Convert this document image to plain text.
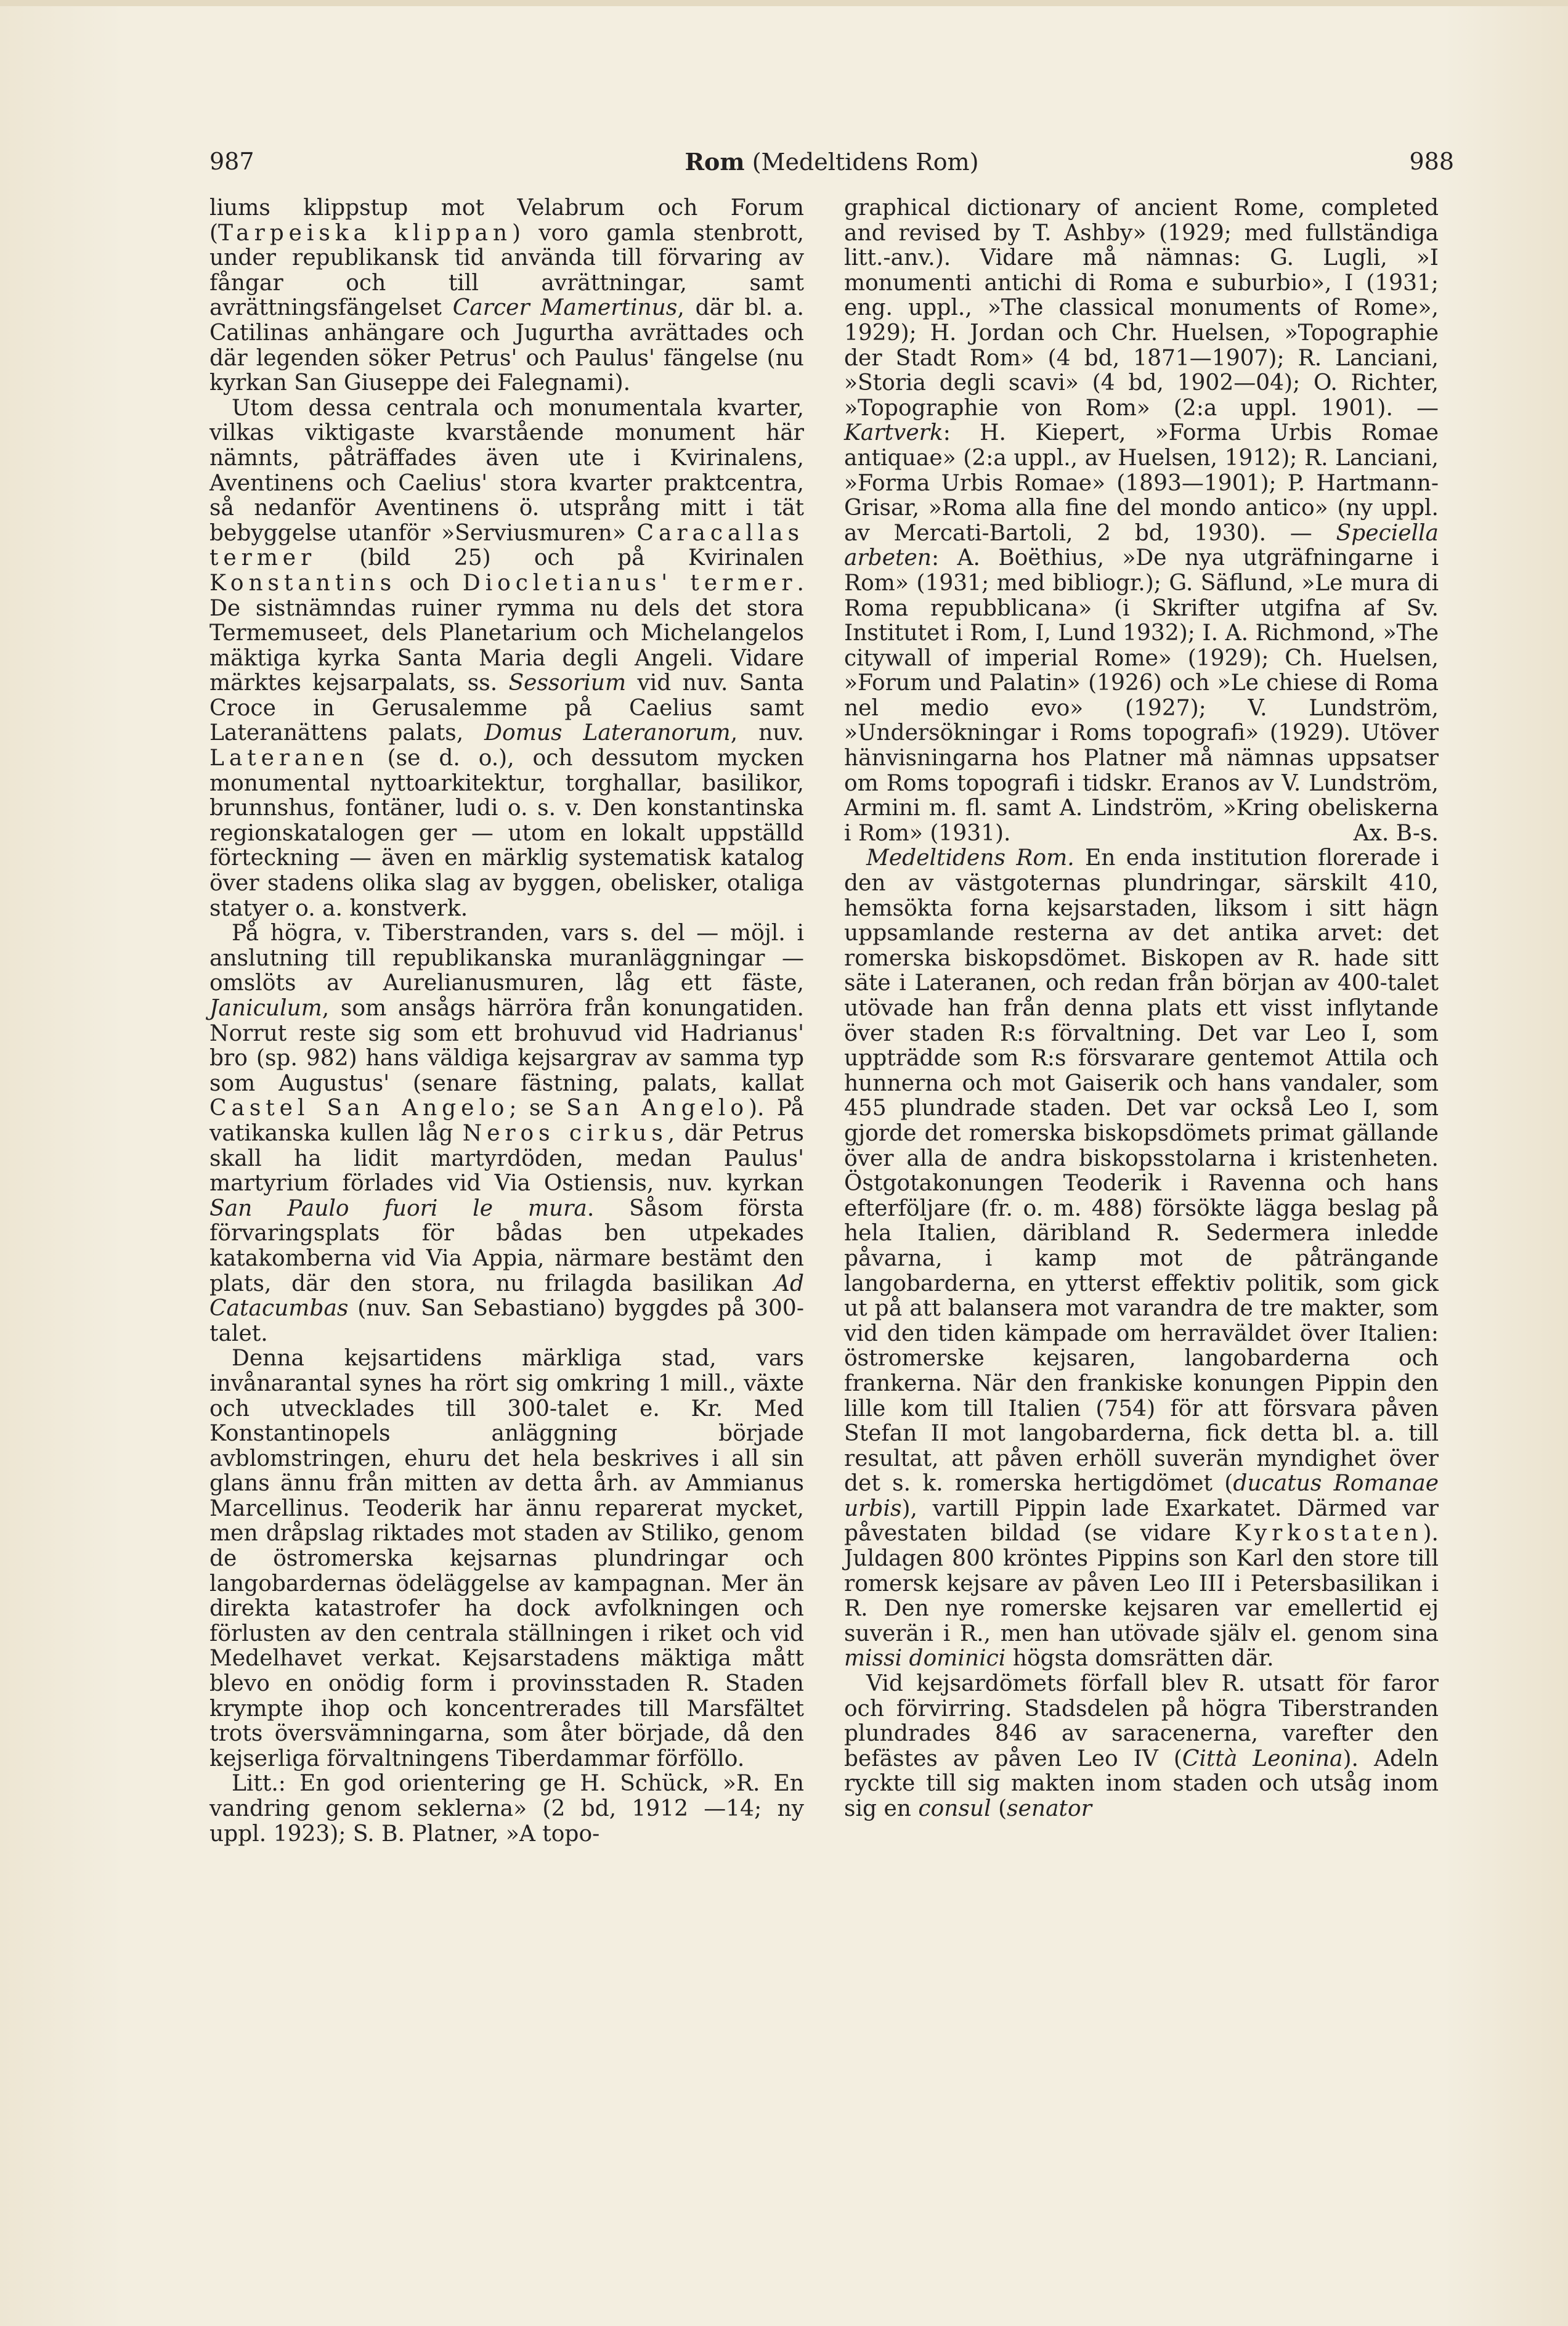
987	Rom (Medeltidens Rom)	988

liums klippstup mot Velabrum och Forum (Tarpeiska klippan) voro gamla stenbrott, under republikansk tid använda till förvaring av fångar och till avrättningar, samt avrättningsfängelset Carcer Mamertinus, där bl. a. Catilinas anhängare och Jugurtha avrättades och där legenden söker Petrus' och Paulus' fängelse (nu kyrkan San Giuseppe dei Falegnami).

Utom dessa centrala och monumentala kvarter, vilkas viktigaste kvarstående monument här nämnts, påträffades även ute i Kvirinalens, Aventinens och Caelius' stora kvarter praktcentra, så nedanför Aventinens ö. utsprång mitt i tät bebyggelse utanför »Serviusmuren» Caracallas termer (bild 25) och på Kvirinalen Konstantins och Diocletianus' termer. De sistnämndas ruiner rymma nu dels det stora Termemuseet, dels Planetarium och Michelangelos mäktiga kyrka Santa Maria degli Angeli. Vidare märktes kejsarpalats, ss. Sessorium vid nuv. Santa Croce in Gerusalemme på Caelius samt Lateranättens palats, Domus Lateranorum, nuv. Lateranen (se d. o.), och dessutom mycken monumental nyttoarkitektur, torghallar, basilikor, brunnshus, fontäner, ludi o. s. v. Den konstantinska regionskatalogen ger — utom en lokalt uppställd förteckning — även en märklig systematisk katalog över stadens olika slag av byggen, obelisker, otaliga statyer o. a. konstverk.

På högra, v. Tiberstranden, vars s. del — möjl. i anslutning till republikanska muranläggningar — omslöts av Aurelianusmuren, låg ett fäste, Janiculum, som ansågs härröra från konungatiden. Norrut reste sig som ett brohuvud vid Hadrianus' bro (sp. 982) hans väldiga kejsargrav av samma typ som Augustus' (senare fästning, palats, kallat Castel San Angelo; se San Angelo). På vatikanska kullen låg Neros cirkus, där Petrus skall ha lidit martyrdöden, medan Paulus' martyrium förlades vid Via Ostiensis, nuv. kyrkan San Paulo fuori le mura. Såsom första förvaringsplats för bådas ben utpekades katakomberna vid Via Appia, närmare bestämt den plats, där den stora, nu frilagda basilikan Ad Catacumbas (nuv. San Sebastiano) byggdes på 300-talet.

Denna kejsartidens märkliga stad, vars invånarantal synes ha rört sig omkring 1 mill., växte och utvecklades till 300-talet e. Kr. Med Konstantinopels anläggning började avblomstringen, ehuru det hela beskrives i all sin glans ännu från mitten av detta årh. av Ammianus Marcellinus. Teoderik har ännu reparerat mycket, men dråpslag riktades mot staden av Stiliko, genom de östromerska kejsarnas plundringar och langobardernas ödeläggelse av kampagnan. Mer än direkta katastrofer ha dock avfolkningen och förlusten av den centrala ställningen i riket och vid Medelhavet verkat. Kejsarstadens mäktiga mått blevo en onödig form i provinsstaden R. Staden krympte ihop och koncentrerades till Marsfältet trots översvämningarna, som åter började, då den kejserliga förvaltningens Tiberdammar förföllo.

Litt.: En god orientering ge H. Schück, »R. En vandring genom seklerna» (2 bd, 1912 —14; ny uppl. 1923); S. B. Platner, »A topo-

graphical dictionary of ancient Rome, completed and revised by T. Ashby» (1929; med fullständiga litt.-anv.). Vidare må nämnas: G. Lugli, »I monumenti antichi di Roma e suburbio», I (1931; eng. uppl., »The classical monuments of Rome», 1929); H. Jordan och Chr. Huelsen, »Topographie der Stadt Rom» (4 bd, 1871—1907); R. Lanciani, »Storia degli scavi» (4 bd, 1902—04); O. Richter, »Topographie von Rom» (2:a uppl. 1901). — Kartverk: H. Kiepert, »Forma Urbis Romae antiquae» (2:a uppl., av Huelsen, 1912); R. Lanciani, »Forma Urbis Romae» (1893—1901); P. Hartmann-Grisar, »Roma alla fine del mondo antico» (ny uppl. av Mercati-Bartoli, 2 bd, 1930). — Speciella arbeten: A. Boëthius, »De nya utgräfningarne i Rom» (1931; med bibliogr.); G. Säflund, »Le mura di Roma repubblicana» (i Skrifter utgifna af Sv. Institutet i Rom, I, Lund 1932); I. A. Richmond, »The citywall of imperial Rome» (1929); Ch. Huelsen, »Forum und Palatin» (1926) och »Le chiese di Roma nel medio evo» (1927); V. Lundström, »Undersökningar i Roms topografi» (1929). Utöver hänvisningarna hos Platner må nämnas uppsatser om Roms topografi i tidskr. Eranos av V. Lundström, Armini m. fl. samt A. Lindström, »Kring obeliskerna i Rom» (1931).	Ax. B-s.

Medeltidens Rom. En enda institution florerade i den av västgoternas plundringar, särskilt 410, hemsökta forna kejsarstaden, liksom i sitt hägn uppsamlande resterna av det antika arvet: det romerska biskopsdömet. Biskopen av R. hade sitt säte i Lateranen, och redan från början av 400-talet utövade han från denna plats ett visst inflytande över staden R:s förvaltning. Det var Leo I, som uppträdde som R:s försvarare gentemot Attila och hunnerna och mot Gaiserik och hans vandaler, som 455 plundrade staden. Det var också Leo I, som gjorde det romerska biskopsdömets primat gällande över alla de andra biskopsstolarna i kristenheten. Östgotakonungen Teoderik i Ravenna och hans efterföljare (fr. o. m. 488) försökte lägga beslag på hela Italien, däribland R. Sedermera inledde påvarna, i kamp mot de påträngande langobarderna, en ytterst effektiv politik, som gick ut på att balansera mot varandra de tre makter, som vid den tiden kämpade om herraväldet över Italien: östromerske kejsaren, langobarderna och frankerna. När den frankiske konungen Pippin den lille kom till Italien (754) för att försvara påven Stefan II mot langobarderna, fick detta bl. a. till resultat, att påven erhöll suverän myndighet över det s. k. romerska hertigdömet (ducatus Romanae urbis), vartill Pippin lade Exarkatet. Därmed var påvestaten bildad (se vidare Kyrkostaten). Juldagen 800 kröntes Pippins son Karl den store till romersk kejsare av påven Leo III i Petersbasilikan i R. Den nye romerske kejsaren var emellertid ej suverän i R., men han utövade själv el. genom sina missi dominici högsta domsrätten där.

Vid kejsardömets förfall blev R. utsatt för faror och förvirring. Stadsdelen på högra Tiberstranden plundrades 846 av saracenerna, varefter den befästes av påven Leo IV (Città Leonina). Adeln ryckte till sig makten inom staden och utsåg inom sig en consul (senator
